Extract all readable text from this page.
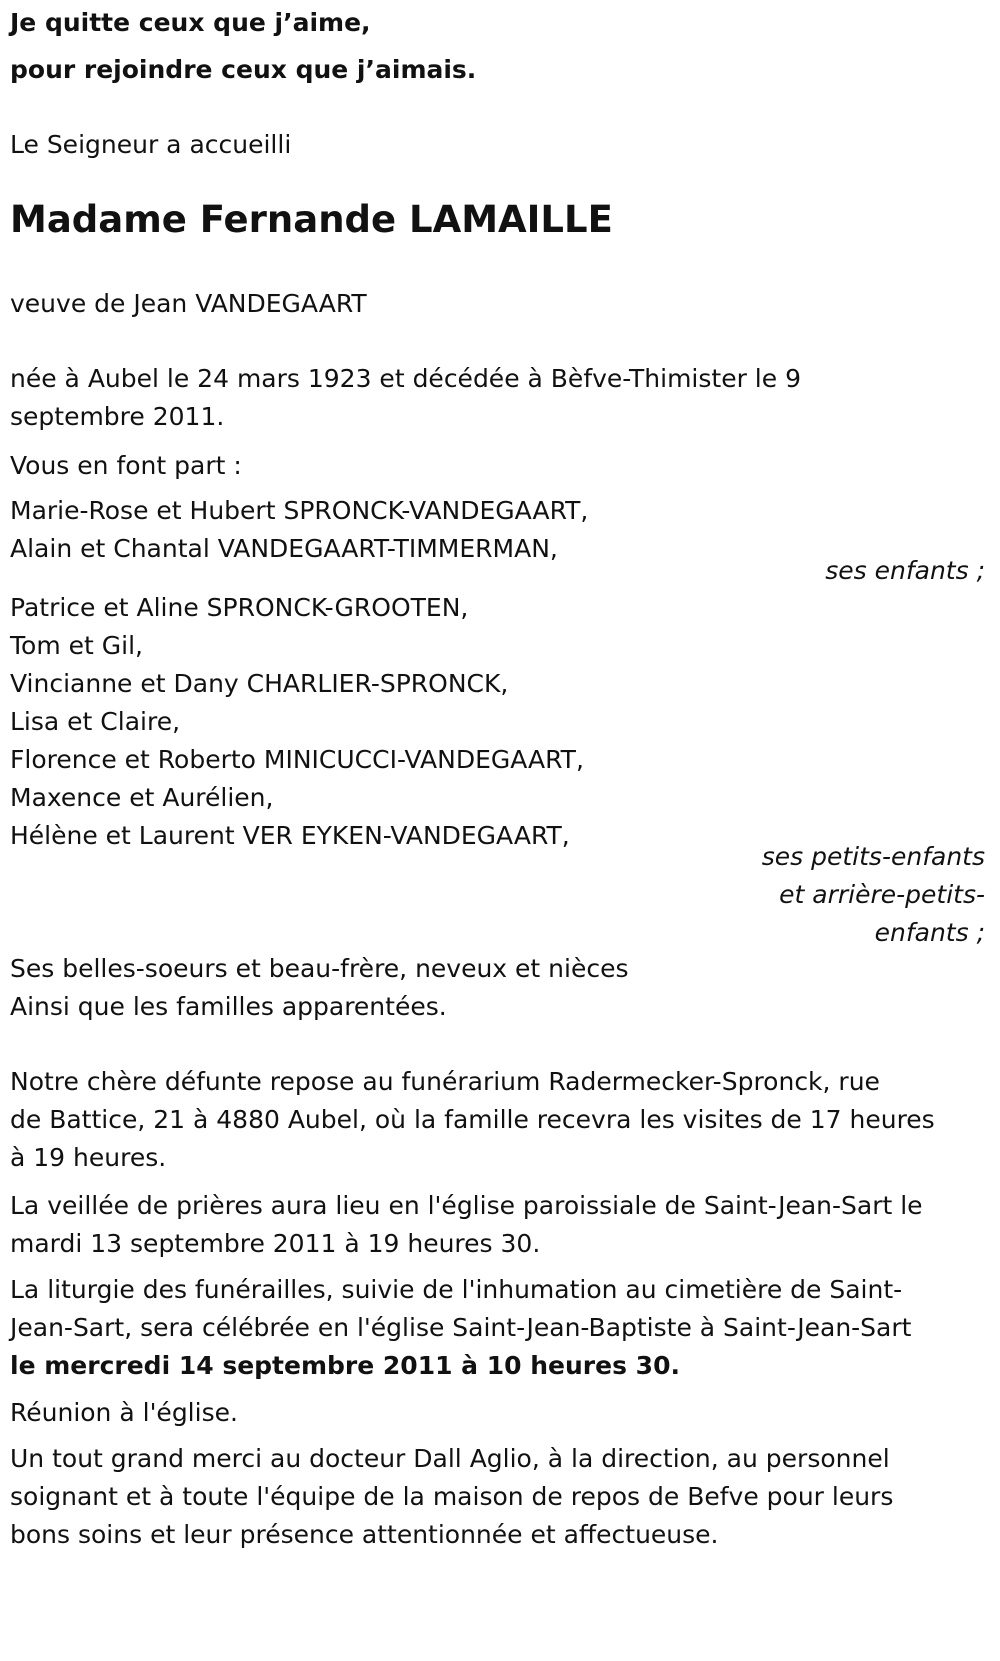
Je quitte ceux que j’aime,
pour rejoindre ceux que j’aimais.
Le Seigneur a accueilli
Madame Fernande LAMAILLE
veuve de Jean VANDEGAART
née à Aubel le 24 mars 1923 et décédée à Bèfve-Thimister le 9
septembre 2011.
Vous en font part :
Marie-Rose et Hubert SPRONCK-VANDEGAART,
Alain et Chantal VANDEGAART-TIMMERMAN,
ses enfants ;
Patrice et Aline SPRONCK-GROOTEN,
Tom et Gil,
Vincianne et Dany CHARLIER-SPRONCK,
Lisa et Claire,
Florence et Roberto MINICUCCI-VANDEGAART,
Maxence et Aurélien,
Hélène et Laurent VER EYKEN-VANDEGAART,
ses petits-enfants
et arrière-petits-
enfants ;
Ses belles-soeurs et beau-frère, neveux et nièces
Ainsi que les familles apparentées.
Notre chère défunte repose au funérarium Radermecker-Spronck, rue
de Battice, 21 à 4880 Aubel, où la famille recevra les visites de 17 heures
à 19 heures.
La veillée de prières aura lieu en l'église paroissiale de Saint-Jean-Sart le
mardi 13 septembre 2011 à 19 heures 30.
La liturgie des funérailles, suivie de l'inhumation au cimetière de Saint-
Jean-Sart, sera célébrée en l'église Saint-Jean-Baptiste à Saint-Jean-Sart
le mercredi 14 septembre 2011 à 10 heures 30.
Réunion à l'église.
Un tout grand merci au docteur Dall Aglio, à la direction, au personnel
soignant et à toute l'équipe de la maison de repos de Befve pour leurs
bons soins et leur présence attentionnée et affectueuse.
